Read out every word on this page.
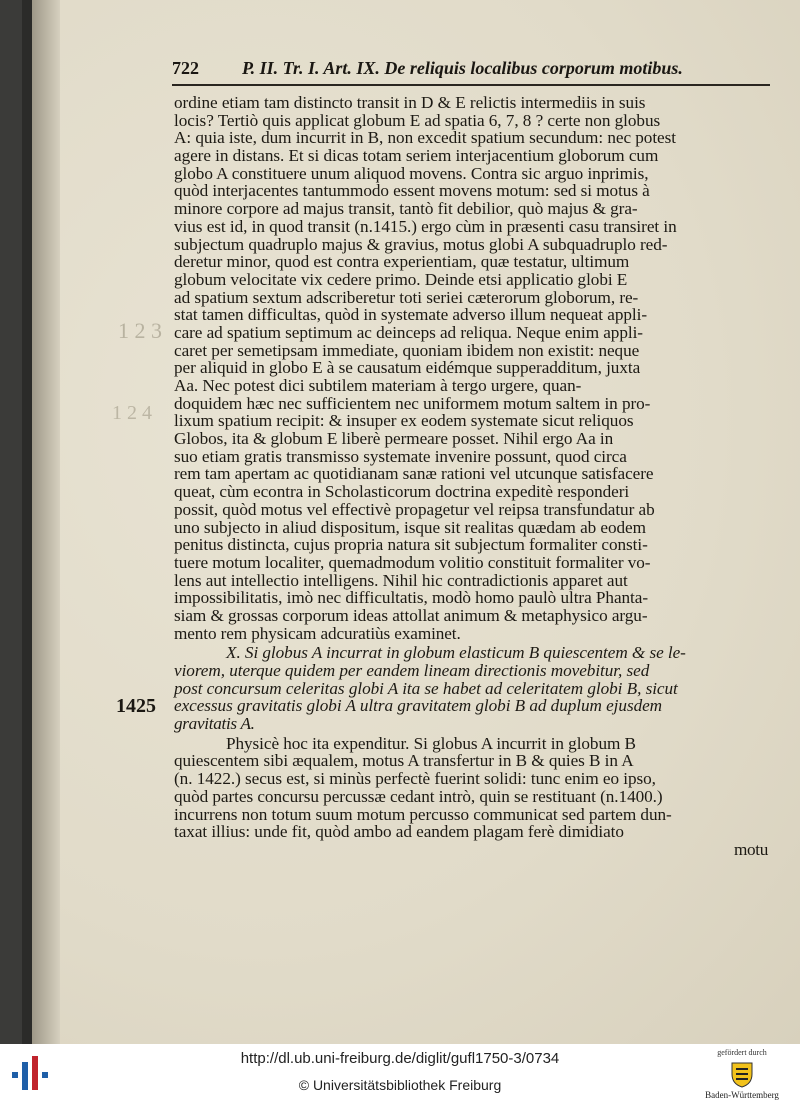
1 2 3
1 2 4
722 P. II. Tr. I. Art. IX. De reliquis localibus corporum motibus.
1425
ordine etiam tam distincto transit in D & E relictis intermediis in suis
locis? Tertiò quis applicat globum E ad spatia 6, 7, 8 ? certe non globus
A: quia iste, dum incurrit in B, non excedit spatium secundum: nec potest
agere in distans. Et si dicas totam seriem interjacentium globorum cum
globo A constituere unum aliquod movens. Contra sic arguo inprimis,
quòd interjacentes tantummodo essent movens motum: sed si motus à
minore corpore ad majus transit, tantò fit debilior, quò majus & gra-
vius est id, in quod transit (n.1415.) ergo cùm in præsenti casu transiret in
subjectum quadruplo majus & gravius, motus globi A subquadruplo red-
deretur minor, quod est contra experientiam, quæ testatur, ultimum
globum velocitate vix cedere primo. Deinde etsi applicatio globi E
ad spatium sextum adscriberetur toti seriei cæterorum globorum, re-
stat tamen difficultas, quòd in systemate adverso illum nequeat appli-
care ad spatium septimum ac deinceps ad reliqua. Neque enim appli-
caret per semetipsam immediate, quoniam ibidem non existit: neque
per aliquid in globo E à se causatum eidémque supperadditum, juxta
Aa. Nec potest dici subtilem materiam à tergo urgere, quan-
doquidem hæc nec sufficientem nec uniformem motum saltem in pro-
lixum spatium recipit: & insuper ex eodem systemate sicut reliquos
Globos, ita & globum E liberè permeare posset. Nihil ergo Aa in
suo etiam gratis transmisso systemate invenire possunt, quod circa
rem tam apertam ac quotidianam sanæ rationi vel utcunque satisfacere
queat, cùm econtra in Scholasticorum doctrina expeditè responderi
possit, quòd motus vel effectivè propagetur vel reipsa transfundatur ab
uno subjecto in aliud dispositum, isque sit realitas quædam ab eodem
penitus distincta, cujus propria natura sit subjectum formaliter consti-
tuere motum localiter, quemadmodum volitio constituit formaliter vo-
lens aut intellectio intelligens. Nihil hic contradictionis apparet aut
impossibilitatis, imò nec difficultatis, modò homo paulò ultra Phanta-
siam & grossas corporum ideas attollat animum & metaphysico argu-
mento rem physicam adcuratiùs examinet.
X. Si globus A incurrat in globum elasticum B quiescentem & se le-
viorem, uterque quidem per eandem lineam directionis movebitur, sed
post concursum celeritas globi A ita se habet ad celeritatem globi B, sicut
excessus gravitatis globi A ultra gravitatem globi B ad duplum ejusdem
gravitatis A.
Physicè hoc ita expenditur. Si globus A incurrit in globum B
quiescentem sibi æqualem, motus A transfertur in B & quies B in A
(n. 1422.) secus est, si minùs perfectè fuerint solidi: tunc enim eo ipso,
quòd partes concursu percussæ cedant intrò, quin se restituant (n.1400.)
incurrens non totum suum motum percusso communicat sed partem dun-
taxat illius: unde fit, quòd ambo ad eandem plagam ferè dimidiato
motu
http://dl.ub.uni-freiburg.de/diglit/gufl1750-3/0734
© Universitätsbibliothek Freiburg
gefördert durch
Baden-Württemberg
